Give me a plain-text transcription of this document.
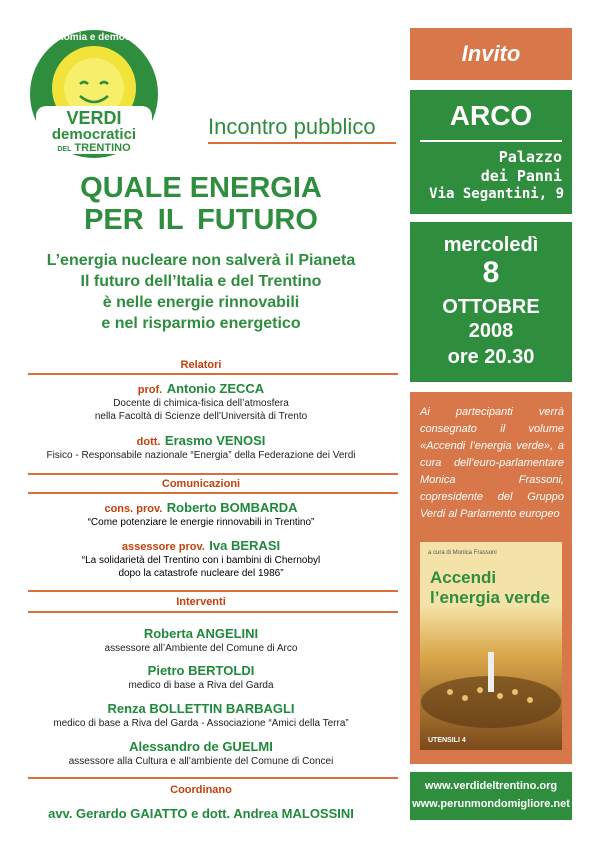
autonomia e democratia
VERDI
democratici
DEL TRENTINO
Incontro pubblico
QUALE ENERGIA
PER IL FUTURO
L’energia nucleare non salverà il Pianeta
Il futuro dell’Italia e del Trentino
è nelle energie rinnovabili
e nel risparmio energetico
Relatori
prof. Antonio ZECCA
Docente di chimica-fisica dell’atmosfera
nella Facoltà di Scienze dell’Università di Trento
dott. Erasmo VENOSI
Fisico - Responsabile nazionale “Energia” della Federazione dei Verdi
Comunicazioni
cons. prov. Roberto BOMBARDA
“Come potenziare le energie rinnovabili in Trentino”
assessore prov. Iva BERASI
“La solidarietà del Trentino con i bambini di Chernobyl
dopo la catastrofe nucleare del 1986”
Interventi
Roberta ANGELINI
assessore all’Ambiente del Comune di Arco
Pietro BERTOLDI
medico di base a Riva del Garda
Renza BOLLETTIN BARBAGLI
medico di base a Riva del Garda - Associazione “Amici della Terra”
Alessandro de GUELMI
assessore alla Cultura e all’ambiente del Comune di Concei
Coordinano
avv. Gerardo GAIATTO e dott. Andrea MALOSSINI
Invito
ARCO
Palazzo
dei Panni
Via Segantini, 9
mercoledì
8
OTTOBRE
2008
ore 20.30
Ai partecipanti verrà consegnato il volume «Accendi l’energia verde», a cura dell’euro-parlamentare Monica Frassoni, copresidente del Gruppo Verdi al Parlamento europeo
a cura di Monica Frassoni
Accendi
l’energia verde
UTENSILI 4
www.verdideltrentino.org
www.perunmondomigliore.net
